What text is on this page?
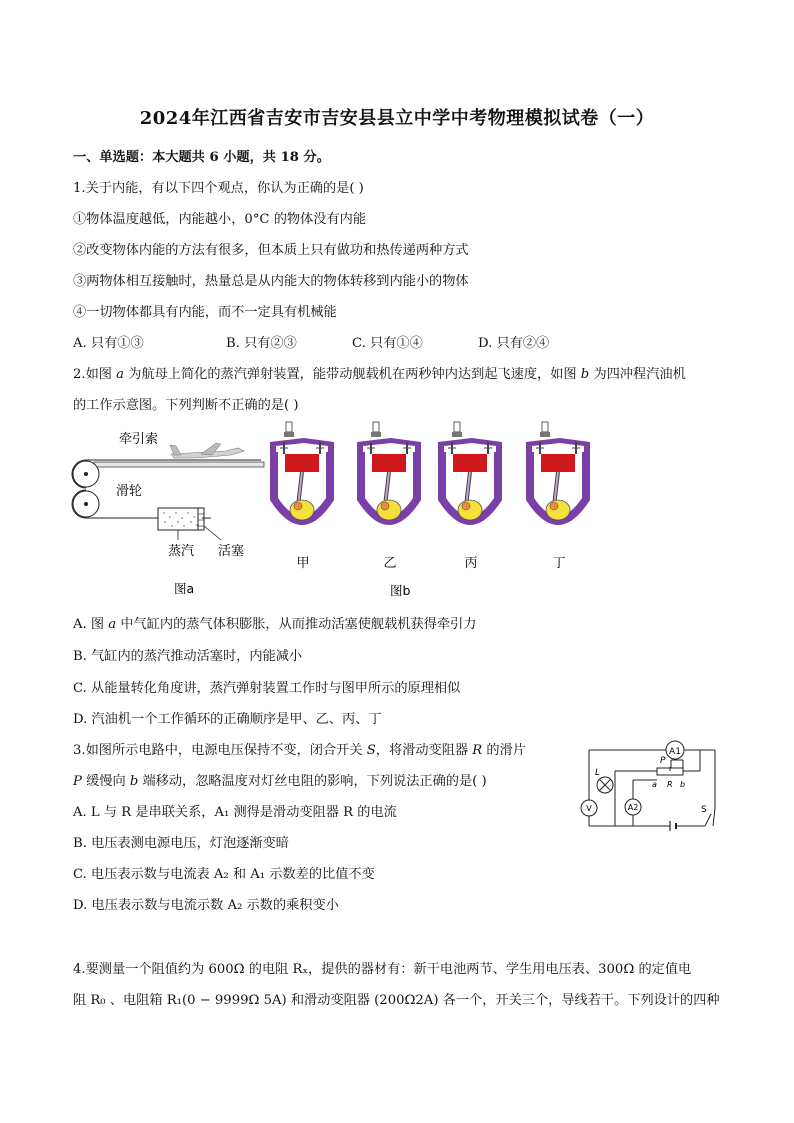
2024年江西省吉安市吉安县县立中学中考物理模拟试卷（一）
一、单选题：本大题共 6 小题，共 18 分。
1.关于内能，有以下四个观点，你认为正确的是( )
①物体温度越低，内能越小，0°C 的物体没有内能
②改变物体内能的方法有很多，但本质上只有做功和热传递两种方式
③两物体相互接触时，热量总是从内能大的物体转移到内能小的物体
④一切物体都具有内能，而不一定具有机械能
A. 只有①③	B. 只有②③	C. 只有①④	D. 只有②④
2.如图 a 为航母上简化的蒸汽弹射装置，能带动舰载机在两秒钟内达到起飞速度，如图 b 为四冲程汽油机
的工作示意图。下列判断不正确的是( )
牵引索
滑轮
蒸汽 活塞
图a
甲	乙	丙	丁
图b
A. 图 a 中气缸内的蒸气体积膨胀，从而推动活塞使舰载机获得牵引力
B. 气缸内的蒸汽推动活塞时，内能减小
C. 从能量转化角度讲，蒸汽弹射装置工作时与图甲所示的原理相似
D. 汽油机一个工作循环的正确顺序是甲、乙、丙、丁
3.如图所示电路中，电源电压保持不变，闭合开关 S，将滑动变阻器 R 的滑片
P 缓慢向 b 端移动，忽略温度对灯丝电阻的影响，下列说法正确的是( )
A. L 与 R 是串联关系，A₁ 测得是滑动变阻器 R 的电流
B. 电压表测电源电压，灯泡逐渐变暗
C. 电压表示数与电流表 A₂ 和 A₁ 示数差的比值不变
D. 电压表示数与电流示数 A₂ 示数的乘积变小
A1
A2
V
L
P
a R b
S
4.要测量一个阻值约为 600Ω 的电阻 Rₓ，提供的器材有：新干电池两节、学生用电压表、300Ω 的定值电
阻 R₀ 、电阻箱 R₁(0 − 9999Ω 5A) 和滑动变阻器 (200Ω2A) 各一个，开关三个，导线若干。下列设计的四种
